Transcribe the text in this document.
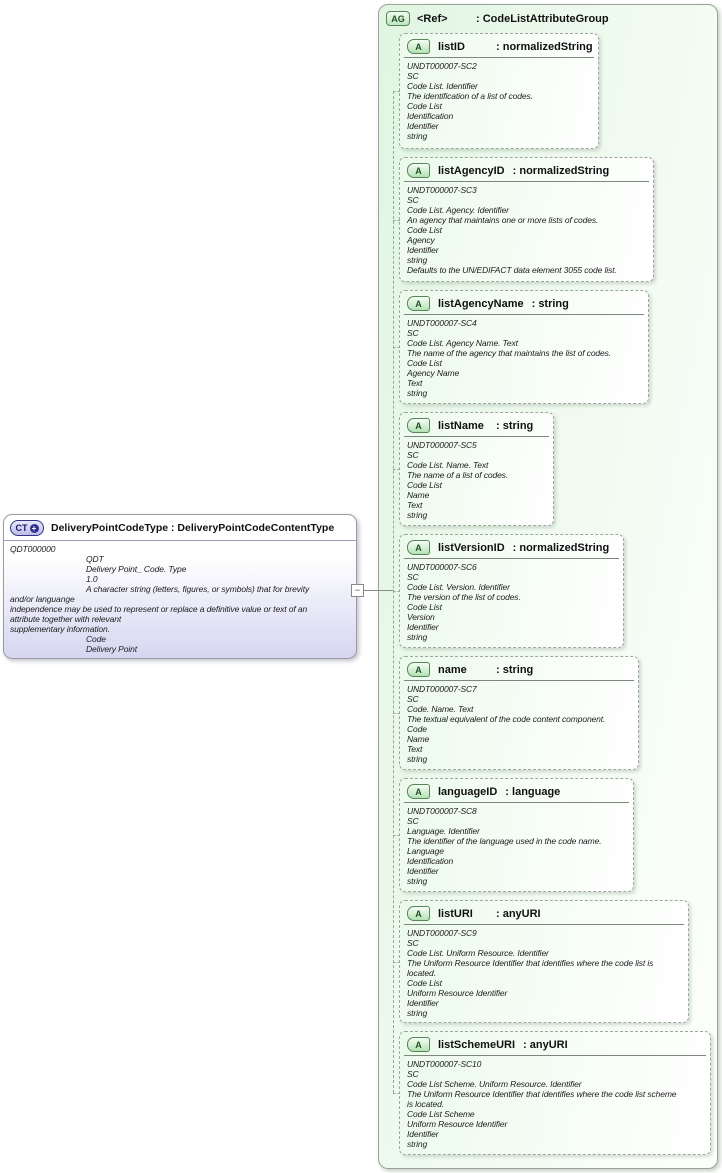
CT + DeliveryPointCodeType : DeliveryPointCodeContentType
QDT000000
QDT
Delivery Point_ Code. Type
1.0
A character string (letters, figures, or symbols) that for brevity
and/or languange
independence may be used to represent or replace a definitive value or text of an
attribute together with relevant
supplementary information.
Code
Delivery Point
−
AG	<Ref>	: CodeListAttributeGroup
A	listID	: normalizedString
UNDT000007-SC2
SC
Code List. Identifier
The identification of a list of codes.
Code List
Identification
Identifier
string
A	listAgencyID : normalizedString
UNDT000007-SC3
SC
Code List. Agency. Identifier
An agency that maintains one or more lists of codes.
Code List
Agency
Identifier
string
Defaults to the UN/EDIFACT data element 3055 code list.
A	listAgencyName : string
UNDT000007-SC4
SC
Code List. Agency Name. Text
The name of the agency that maintains the list of codes.
Code List
Agency Name
Text
string
A	listName	: string
UNDT000007-SC5
SC
Code List. Name. Text
The name of a list of codes.
Code List
Name
Text
string
A	listVersionID : normalizedString
UNDT000007-SC6
SC
Code List. Version. Identifier
The version of the list of codes.
Code List
Version
Identifier
string
A	name	: string
UNDT000007-SC7
SC
Code. Name. Text
The textual equivalent of the code content component.
Code
Name
Text
string
A	languageID : language
UNDT000007-SC8
SC
Language. Identifier
The identifier of the language used in the code name.
Language
Identification
Identifier
string
A	listURI	: anyURI
UNDT000007-SC9
SC
Code List. Uniform Resource. Identifier
The Uniform Resource Identifier that identifies where the code list is
located.
Code List
Uniform Resource Identifier
Identifier
string
A	listSchemeURI : anyURI
UNDT000007-SC10
SC
Code List Scheme. Uniform Resource. Identifier
The Uniform Resource Identifier that identifies where the code list scheme
is located.
Code List Scheme
Uniform Resource Identifier
Identifier
string
